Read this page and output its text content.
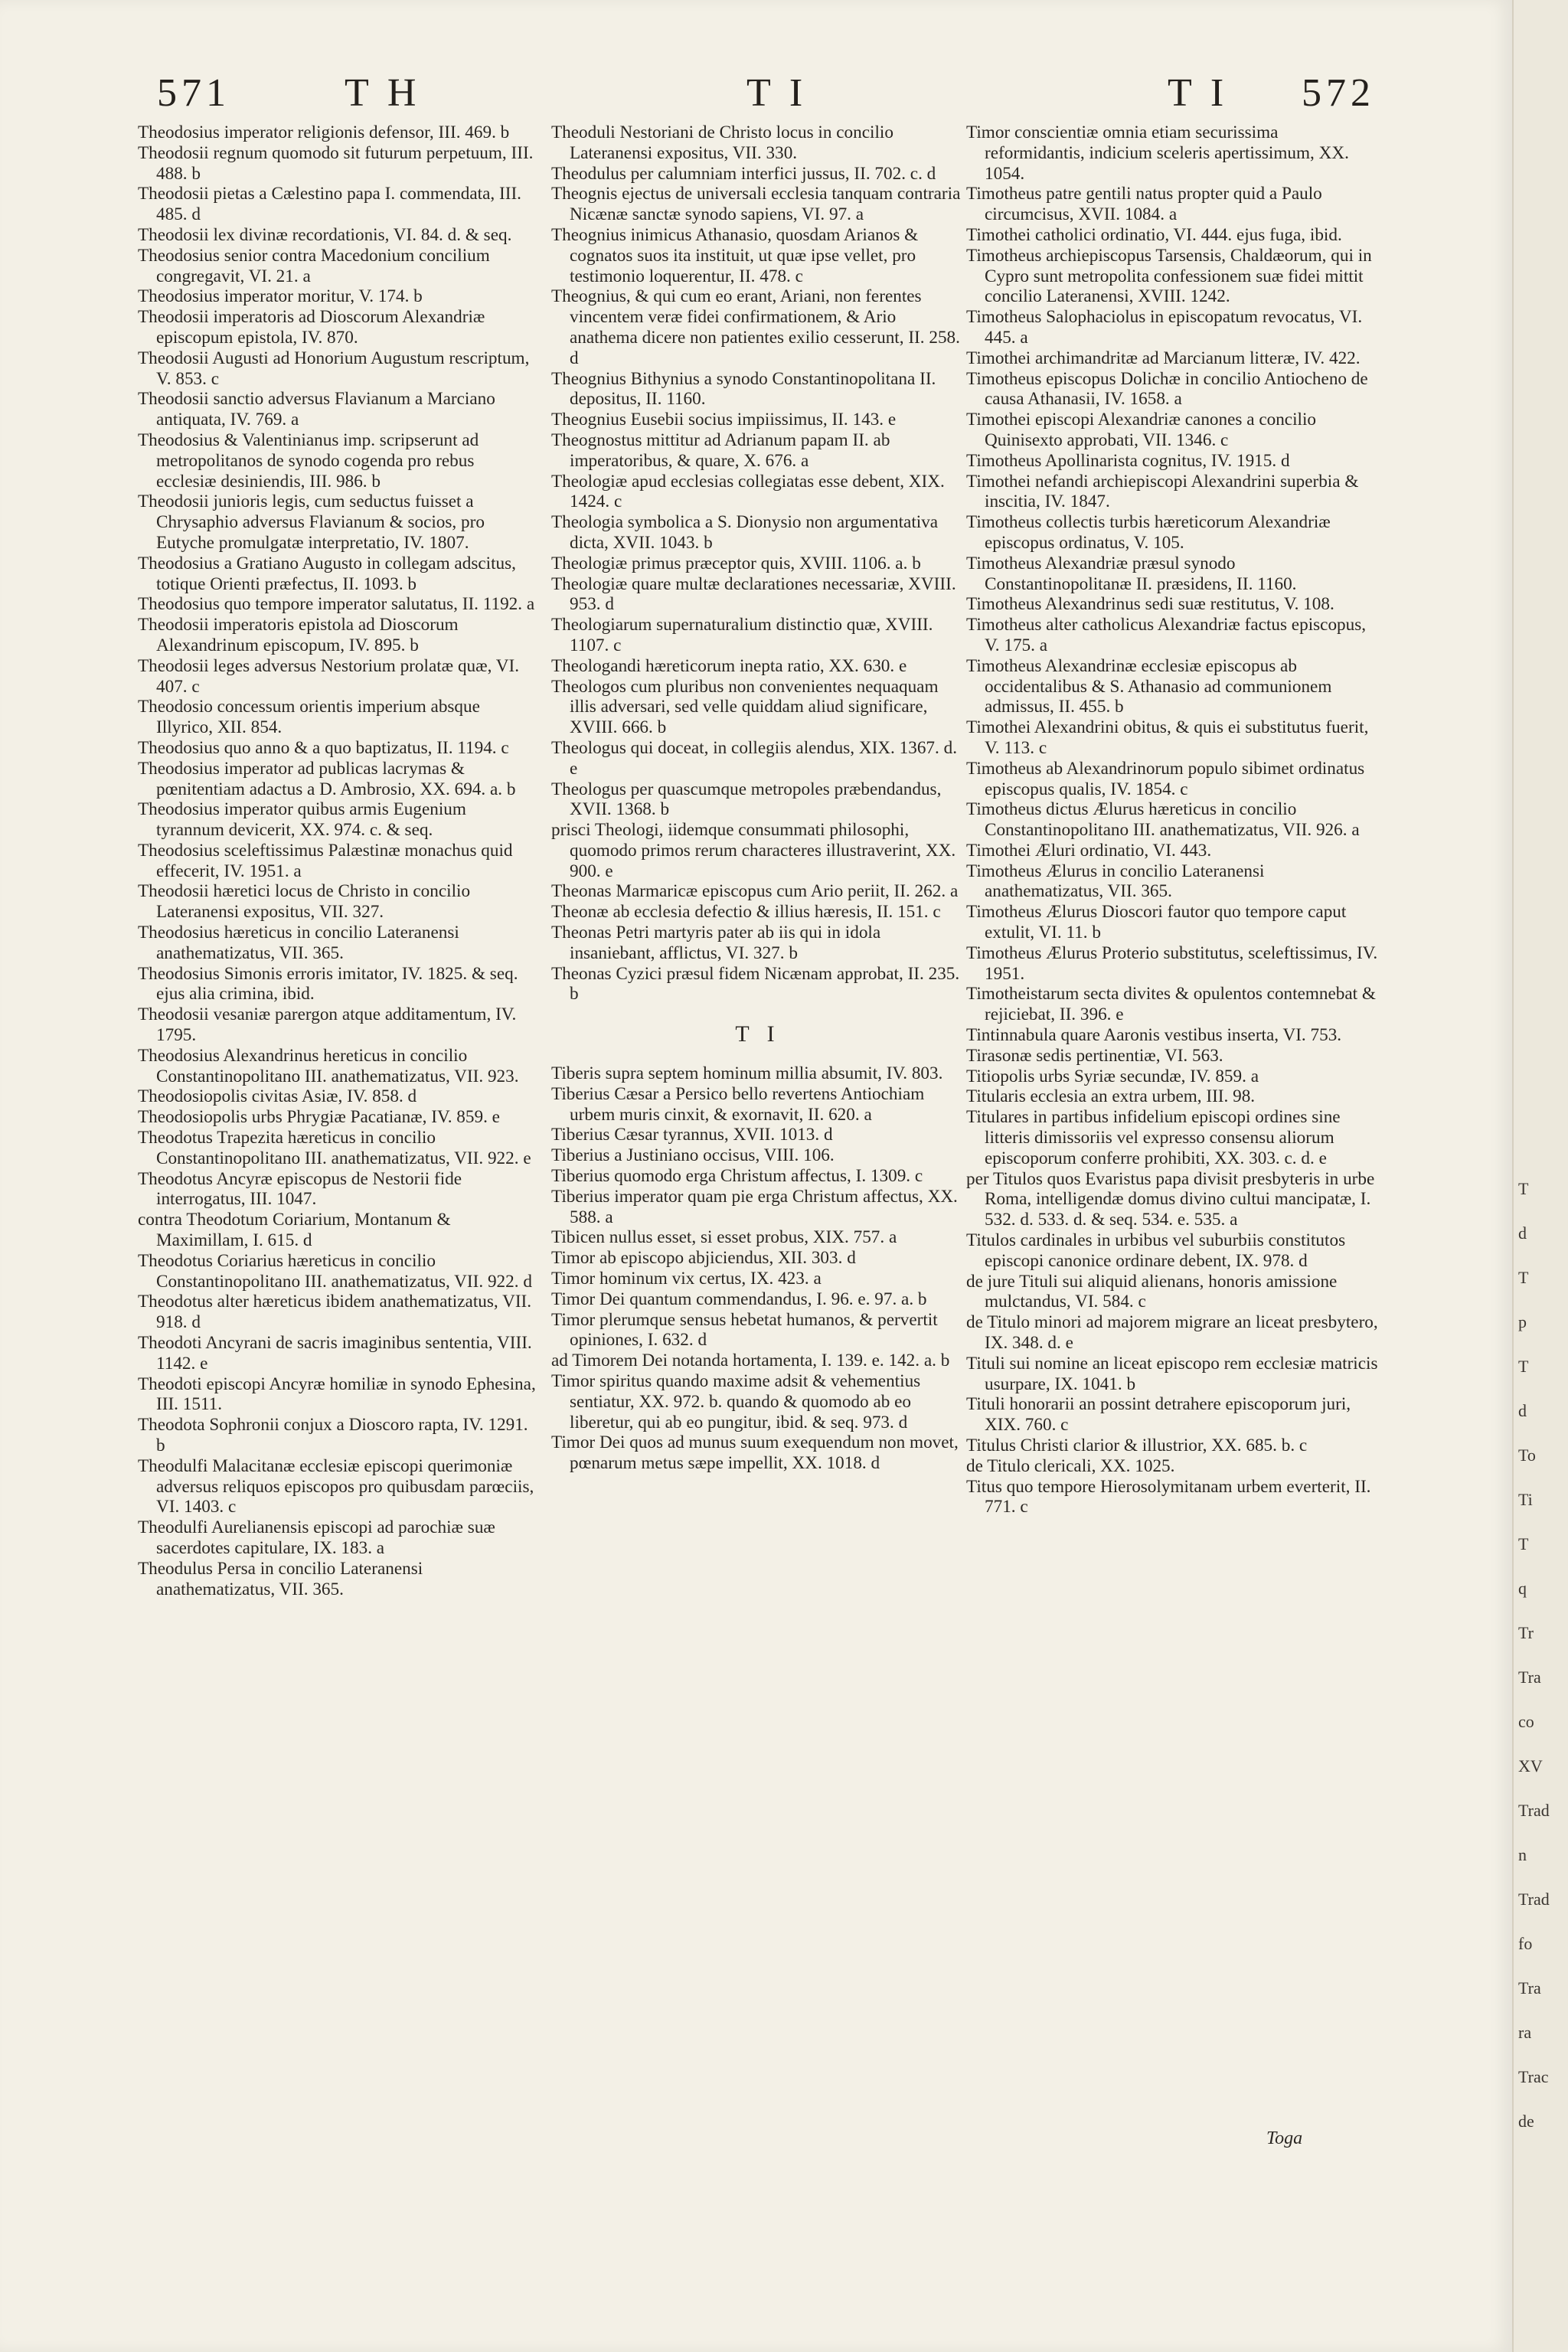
571	T H	T I	T I 572

Theodosius imperator religionis defensor, III. 469. b

Theodosii regnum quomodo sit futurum perpetuum, III. 488. b

Theodosii pietas a Cælestino papa I. commendata, III. 485. d

Theodosii lex divinæ recordationis, VI. 84. d. & seq.

Theodosius senior contra Macedonium concilium congregavit, VI. 21. a

Theodosius imperator moritur, V. 174. b

Theodosii imperatoris ad Dioscorum Alexandriæ episcopum epistola, IV. 870.

Theodosii Augusti ad Honorium Augustum rescriptum, V. 853. c

Theodosii sanctio adversus Flavianum a Marciano antiquata, IV. 769. a

Theodosius & Valentinianus imp. scripserunt ad metropolitanos de synodo cogenda pro rebus ecclesiæ desiniendis, III. 986. b

Theodosii junioris legis, cum seductus fuisset a Chrysaphio adversus Flavianum & socios, pro Eutyche promulgatæ interpretatio, IV. 1807.

Theodosius a Gratiano Augusto in collegam adscitus, totique Orienti præfectus, II. 1093. b

Theodosius quo tempore imperator salutatus, II. 1192. a

Theodosii imperatoris epistola ad Dioscorum Alexandrinum episcopum, IV. 895. b

Theodosii leges adversus Nestorium prolatæ quæ, VI. 407. c

Theodosio concessum orientis imperium absque Illyrico, XII. 854.

Theodosius quo anno & a quo baptizatus, II. 1194. c

Theodosius imperator ad publicas lacrymas & pœnitentiam adactus a D. Ambrosio, XX. 694. a. b

Theodosius imperator quibus armis Eugenium tyrannum devicerit, XX. 974. c. & seq.

Theodosius sceleftissimus Palæstinæ monachus quid effecerit, IV. 1951. a

Theodosii hæretici locus de Christo in concilio Lateranensi expositus, VII. 327.

Theodosius hæreticus in concilio Lateranensi anathematizatus, VII. 365.

Theodosius Simonis erroris imitator, IV. 1825. & seq. ejus alia crimina, ibid.

Theodosii vesaniæ parergon atque additamentum, IV. 1795.

Theodosius Alexandrinus hereticus in concilio Constantinopolitano III. anathematizatus, VII. 923.

Theodosiopolis civitas Asiæ, IV. 858. d

Theodosiopolis urbs Phrygiæ Pacatianæ, IV. 859. e

Theodotus Trapezita hæreticus in concilio Constantinopolitano III. anathematizatus, VII. 922. e

Theodotus Ancyræ episcopus de Nestorii fide interrogatus, III. 1047.

contra Theodotum Coriarium, Montanum & Maximillam, I. 615. d

Theodotus Coriarius hæreticus in concilio Constantinopolitano III. anathematizatus, VII. 922. d

Theodotus alter hæreticus ibidem anathematizatus, VII. 918. d

Theodoti Ancyrani de sacris imaginibus sententia, VIII. 1142. e

Theodoti episcopi Ancyræ homiliæ in synodo Ephesina, III. 1511.

Theodota Sophronii conjux a Dioscoro rapta, IV. 1291. b

Theodulfi Malacitanæ ecclesiæ episcopi querimoniæ adversus reliquos episcopos pro quibusdam parœciis, VI. 1403. c

Theodulfi Aurelianensis episcopi ad parochiæ suæ sacerdotes capitulare, IX. 183. a

Theodulus Persa in concilio Lateranensi anathematizatus, VII. 365.

Theoduli Nestoriani de Christo locus in concilio Lateranensi expositus, VII. 330.

Theodulus per calumniam interfici jussus, II. 702. c. d

Theognis ejectus de universali ecclesia tanquam contraria Nicænæ sanctæ synodo sapiens, VI. 97. a

Theognius inimicus Athanasio, quosdam Arianos & cognatos suos ita instituit, ut quæ ipse vellet, pro testimonio loquerentur, II. 478. c

Theognius, & qui cum eo erant, Ariani, non ferentes vincentem veræ fidei confirmationem, & Ario anathema dicere non patientes exilio cesserunt, II. 258. d

Theognius Bithynius a synodo Constantinopolitana II. depositus, II. 1160.

Theognius Eusebii socius impiissimus, II. 143. e

Theognostus mittitur ad Adrianum papam II. ab imperatoribus, & quare, X. 676. a

Theologiæ apud ecclesias collegiatas esse debent, XIX. 1424. c

Theologia symbolica a S. Dionysio non argumentativa dicta, XVII. 1043. b

Theologiæ primus præceptor quis, XVIII. 1106. a. b

Theologiæ quare multæ declarationes necessariæ, XVIII. 953. d

Theologiarum supernaturalium distinctio quæ, XVIII. 1107. c

Theologandi hæreticorum inepta ratio, XX. 630. e

Theologos cum pluribus non convenientes nequaquam illis adversari, sed velle quiddam aliud significare, XVIII. 666. b

Theologus qui doceat, in collegiis alendus, XIX. 1367. d. e

Theologus per quascumque metropoles præbendandus, XVII. 1368. b

prisci Theologi, iidemque consummati philosophi, quomodo primos rerum characteres illustraverint, XX. 900. e

Theonas Marmaricæ episcopus cum Ario periit, II. 262. a

Theonæ ab ecclesia defectio & illius hæresis, II. 151. c

Theonas Petri martyris pater ab iis qui in idola insaniebant, afflictus, VI. 327. b

Theonas Cyzici præsul fidem Nicænam approbat, II. 235. b

T I

Tiberis supra septem hominum millia absumit, IV. 803.

Tiberius Cæsar a Persico bello revertens Antiochiam urbem muris cinxit, & exornavit, II. 620. a

Tiberius Cæsar tyrannus, XVII. 1013. d

Tiberius a Justiniano occisus, VIII. 106.

Tiberius quomodo erga Christum affectus, I. 1309. c

Tiberius imperator quam pie erga Christum affectus, XX. 588. a

Tibicen nullus esset, si esset probus, XIX. 757. a

Timor ab episcopo abjiciendus, XII. 303. d

Timor hominum vix certus, IX. 423. a

Timor Dei quantum commendandus, I. 96. e. 97. a. b

Timor plerumque sensus hebetat humanos, & pervertit opiniones, I. 632. d

ad Timorem Dei notanda hortamenta, I. 139. e. 142. a. b

Timor spiritus quando maxime adsit & vehementius sentiatur, XX. 972. b. quando & quomodo ab eo liberetur, qui ab eo pungitur, ibid. & seq. 973. d

Timor Dei quos ad munus suum exequendum non movet, pœnarum metus sæpe impellit, XX. 1018. d

Timor conscientiæ omnia etiam securissima reformidantis, indicium sceleris apertissimum, XX. 1054.

Timotheus patre gentili natus propter quid a Paulo circumcisus, XVII. 1084. a

Timothei catholici ordinatio, VI. 444. ejus fuga, ibid.

Timotheus archiepiscopus Tarsensis, Chaldæorum, qui in Cypro sunt metropolita confessionem suæ fidei mittit concilio Lateranensi, XVIII. 1242.

Timotheus Salophaciolus in episcopatum revocatus, VI. 445. a

Timothei archimandritæ ad Marcianum litteræ, IV. 422.

Timotheus episcopus Dolichæ in concilio Antiocheno de causa Athanasii, IV. 1658. a

Timothei episcopi Alexandriæ canones a concilio Quinisexto approbati, VII. 1346. c

Timotheus Apollinarista cognitus, IV. 1915. d

Timothei nefandi archiepiscopi Alexandrini superbia & inscitia, IV. 1847.

Timotheus collectis turbis hæreticorum Alexandriæ episcopus ordinatus, V. 105.

Timotheus Alexandriæ præsul synodo Constantinopolitanæ II. præsidens, II. 1160.

Timotheus Alexandrinus sedi suæ restitutus, V. 108.

Timotheus alter catholicus Alexandriæ factus episcopus, V. 175. a

Timotheus Alexandrinæ ecclesiæ episcopus ab occidentalibus & S. Athanasio ad communionem admissus, II. 455. b

Timothei Alexandrini obitus, & quis ei substitutus fuerit, V. 113. c

Timotheus ab Alexandrinorum populo sibimet ordinatus episcopus qualis, IV. 1854. c

Timotheus dictus Ælurus hæreticus in concilio Constantinopolitano III. anathematizatus, VII. 926. a

Timothei Æluri ordinatio, VI. 443.

Timotheus Ælurus in concilio Lateranensi anathematizatus, VII. 365.

Timotheus Ælurus Dioscori fautor quo tempore caput extulit, VI. 11. b

Timotheus Ælurus Proterio substitutus, sceleftissimus, IV. 1951.

Timotheistarum secta divites & opulentos contemnebat & rejiciebat, II. 396. e

Tintinnabula quare Aaronis vestibus inserta, VI. 753.

Tirasonæ sedis pertinentiæ, VI. 563.

Titiopolis urbs Syriæ secundæ, IV. 859. a

Titularis ecclesia an extra urbem, III. 98.

Titulares in partibus infidelium episcopi ordines sine litteris dimissoriis vel expresso consensu aliorum episcoporum conferre prohibiti, XX. 303. c. d. e

per Titulos quos Evaristus papa divisit presbyteris in urbe Roma, intelligendæ domus divino cultui mancipatæ, I. 532. d. 533. d. & seq. 534. e. 535. a

Titulos cardinales in urbibus vel suburbiis constitutos episcopi canonice ordinare debent, IX. 978. d

de jure Tituli sui aliquid alienans, honoris amissione mulctandus, VI. 584. c

de Titulo minori ad majorem migrare an liceat presbytero, IX. 348. d. e

Tituli sui nomine an liceat episcopo rem ecclesiæ matricis usurpare, IX. 1041. b

Tituli honorarii an possint detrahere episcoporum juri, XIX. 760. c

Titulus Christi clarior & illustrior, XX. 685. b. c

de Titulo clericali, XX. 1025.

Titus quo tempore Hierosolymitanam urbem everterit, II. 771. c

Toga
T
d
T
p
T
d
To
Ti
T
q
Tr
Tra
co
XV
Trad
n
Trad
fo
Tra
ra
Trac
de
